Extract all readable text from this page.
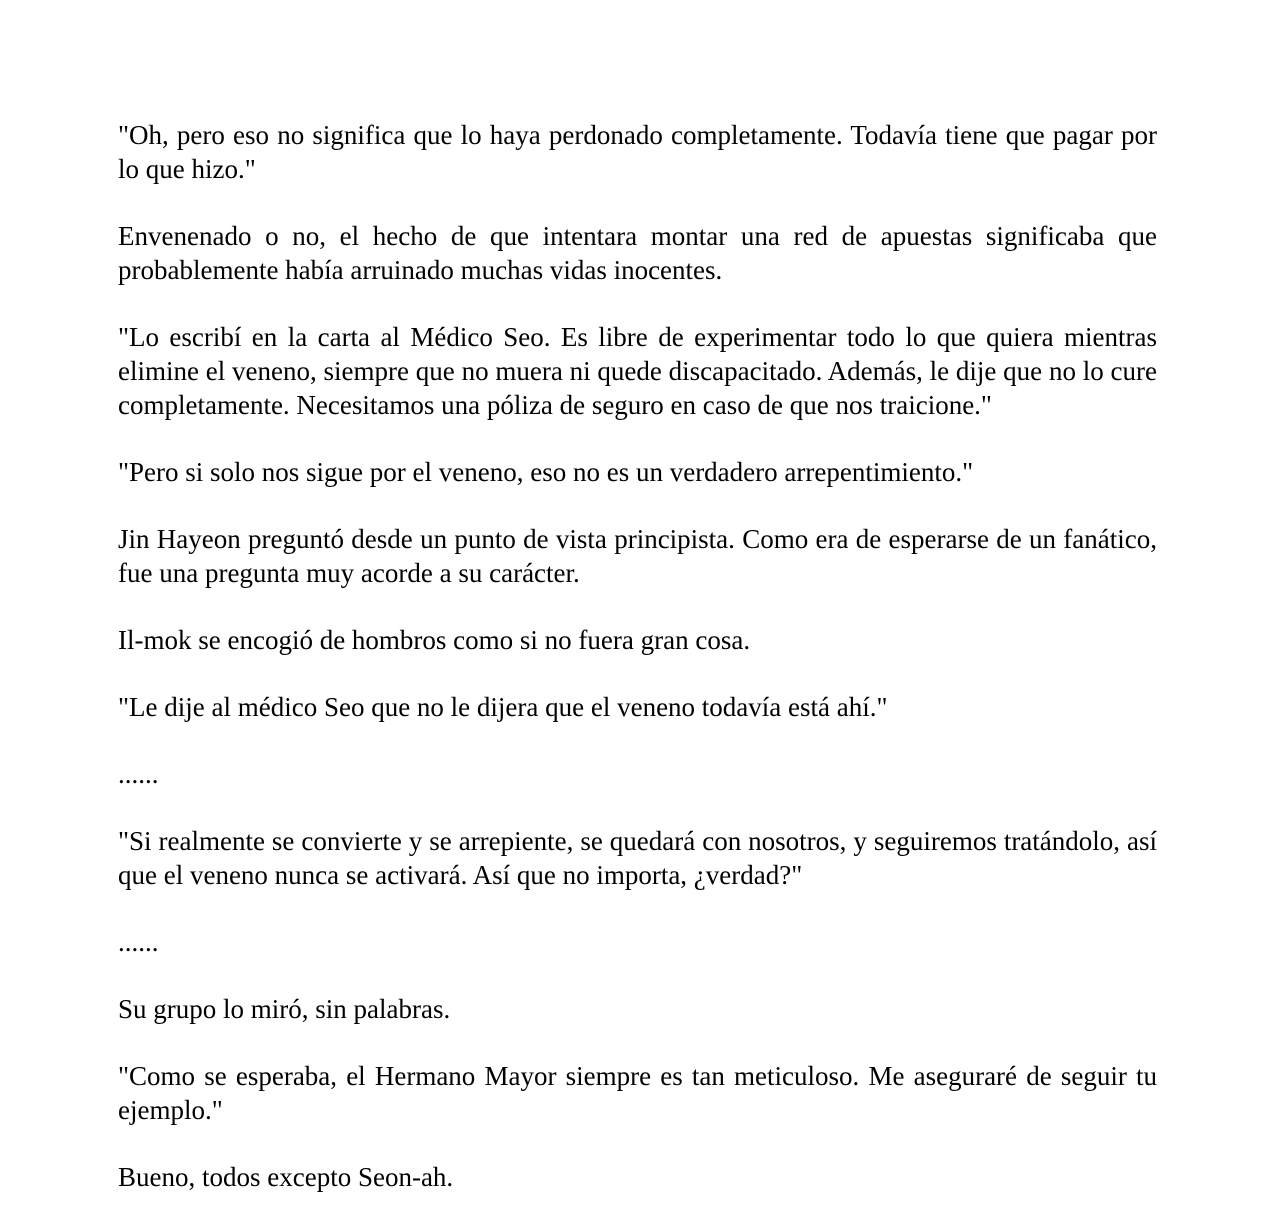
"Oh, pero eso no significa que lo haya perdonado completamente. Todavía tiene que pagar por lo que hizo."

Envenenado o no, el hecho de que intentara montar una red de apuestas significaba que probablemente había arruinado muchas vidas inocentes.

"Lo escribí en la carta al Médico Seo. Es libre de experimentar todo lo que quiera mientras elimine el veneno, siempre que no muera ni quede discapacitado. Además, le dije que no lo cure completamente. Necesitamos una póliza de seguro en caso de que nos traicione."

"Pero si solo nos sigue por el veneno, eso no es un verdadero arrepentimiento."

Jin Hayeon preguntó desde un punto de vista principista. Como era de esperarse de un fanático, fue una pregunta muy acorde a su carácter.

Il-mok se encogió de hombros como si no fuera gran cosa.

"Le dije al médico Seo que no le dijera que el veneno todavía está ahí."

......

"Si realmente se convierte y se arrepiente, se quedará con nosotros, y seguiremos tratándolo, así que el veneno nunca se activará. Así que no importa, ¿verdad?"

......

Su grupo lo miró, sin palabras.

"Como se esperaba, el Hermano Mayor siempre es tan meticuloso. Me aseguraré de seguir tu ejemplo."

Bueno, todos excepto Seon-ah.
